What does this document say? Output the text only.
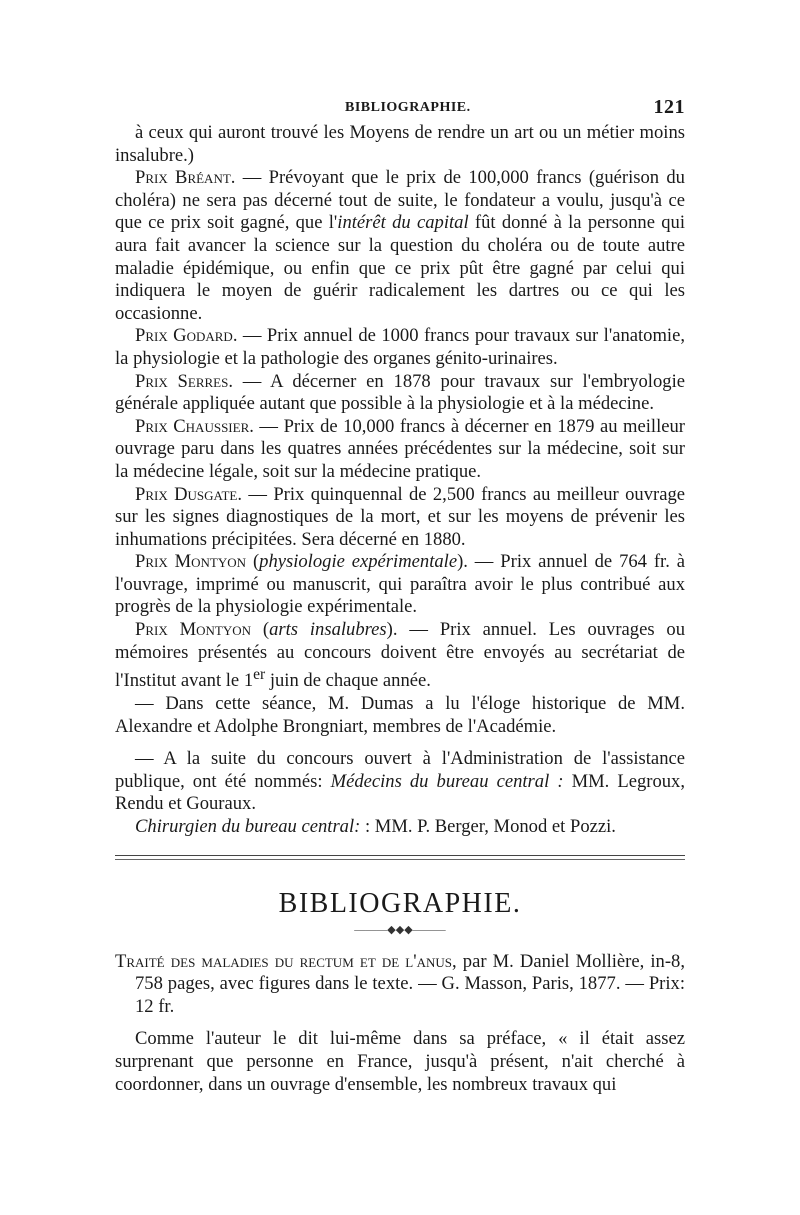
BIBLIOGRAPHIE.	121

à ceux qui auront trouvé les Moyens de rendre un art ou un métier moins insalubre.)

Prix Bréant. — Prévoyant que le prix de 100,000 francs (guérison du choléra) ne sera pas décerné tout de suite, le fondateur a voulu, jusqu'à ce que ce prix soit gagné, que l'intérêt du capital fût donné à la personne qui aura fait avancer la science sur la question du choléra ou de toute autre maladie épidémique, ou enfin que ce prix pût être gagné par celui qui indiquera le moyen de guérir radicalement les dartres ou ce qui les occasionne.

Prix Godard. — Prix annuel de 1000 francs pour travaux sur l'anatomie, la physiologie et la pathologie des organes génito-urinaires.

Prix Serres. — A décerner en 1878 pour travaux sur l'embryologie générale appliquée autant que possible à la physiologie et à la médecine.

Prix Chaussier. — Prix de 10,000 francs à décerner en 1879 au meilleur ouvrage paru dans les quatres années précédentes sur la médecine, soit sur la médecine légale, soit sur la médecine pratique.

Prix Dusgate. — Prix quinquennal de 2,500 francs au meilleur ouvrage sur les signes diagnostiques de la mort, et sur les moyens de prévenir les inhumations précipitées. Sera décerné en 1880.

Prix Montyon (physiologie expérimentale). — Prix annuel de 764 fr. à l'ouvrage, imprimé ou manuscrit, qui paraîtra avoir le plus contribué aux progrès de la physiologie expérimentale.

Prix Montyon (arts insalubres). — Prix annuel. Les ouvrages ou mémoires présentés au concours doivent être envoyés au secrétariat de l'Institut avant le 1er juin de chaque année.

— Dans cette séance, M. Dumas a lu l'éloge historique de MM. Alexandre et Adolphe Brongniart, membres de l'Académie.

— A la suite du concours ouvert à l'Administration de l'assistance publique, ont été nommés: Médecins du bureau central : MM. Legroux, Rendu et Gouraux.

Chirurgien du bureau central: : MM. P. Berger, Monod et Pozzi.

BIBLIOGRAPHIE.
———◆◆◆———

Traité des maladies du rectum et de l'anus, par M. Daniel Mollière, in-8, 758 pages, avec figures dans le texte. — G. Masson, Paris, 1877. — Prix: 12 fr.

Comme l'auteur le dit lui-même dans sa préface, « il était assez surprenant que personne en France, jusqu'à présent, n'ait cherché à coordonner, dans un ouvrage d'ensemble, les nombreux travaux qui
